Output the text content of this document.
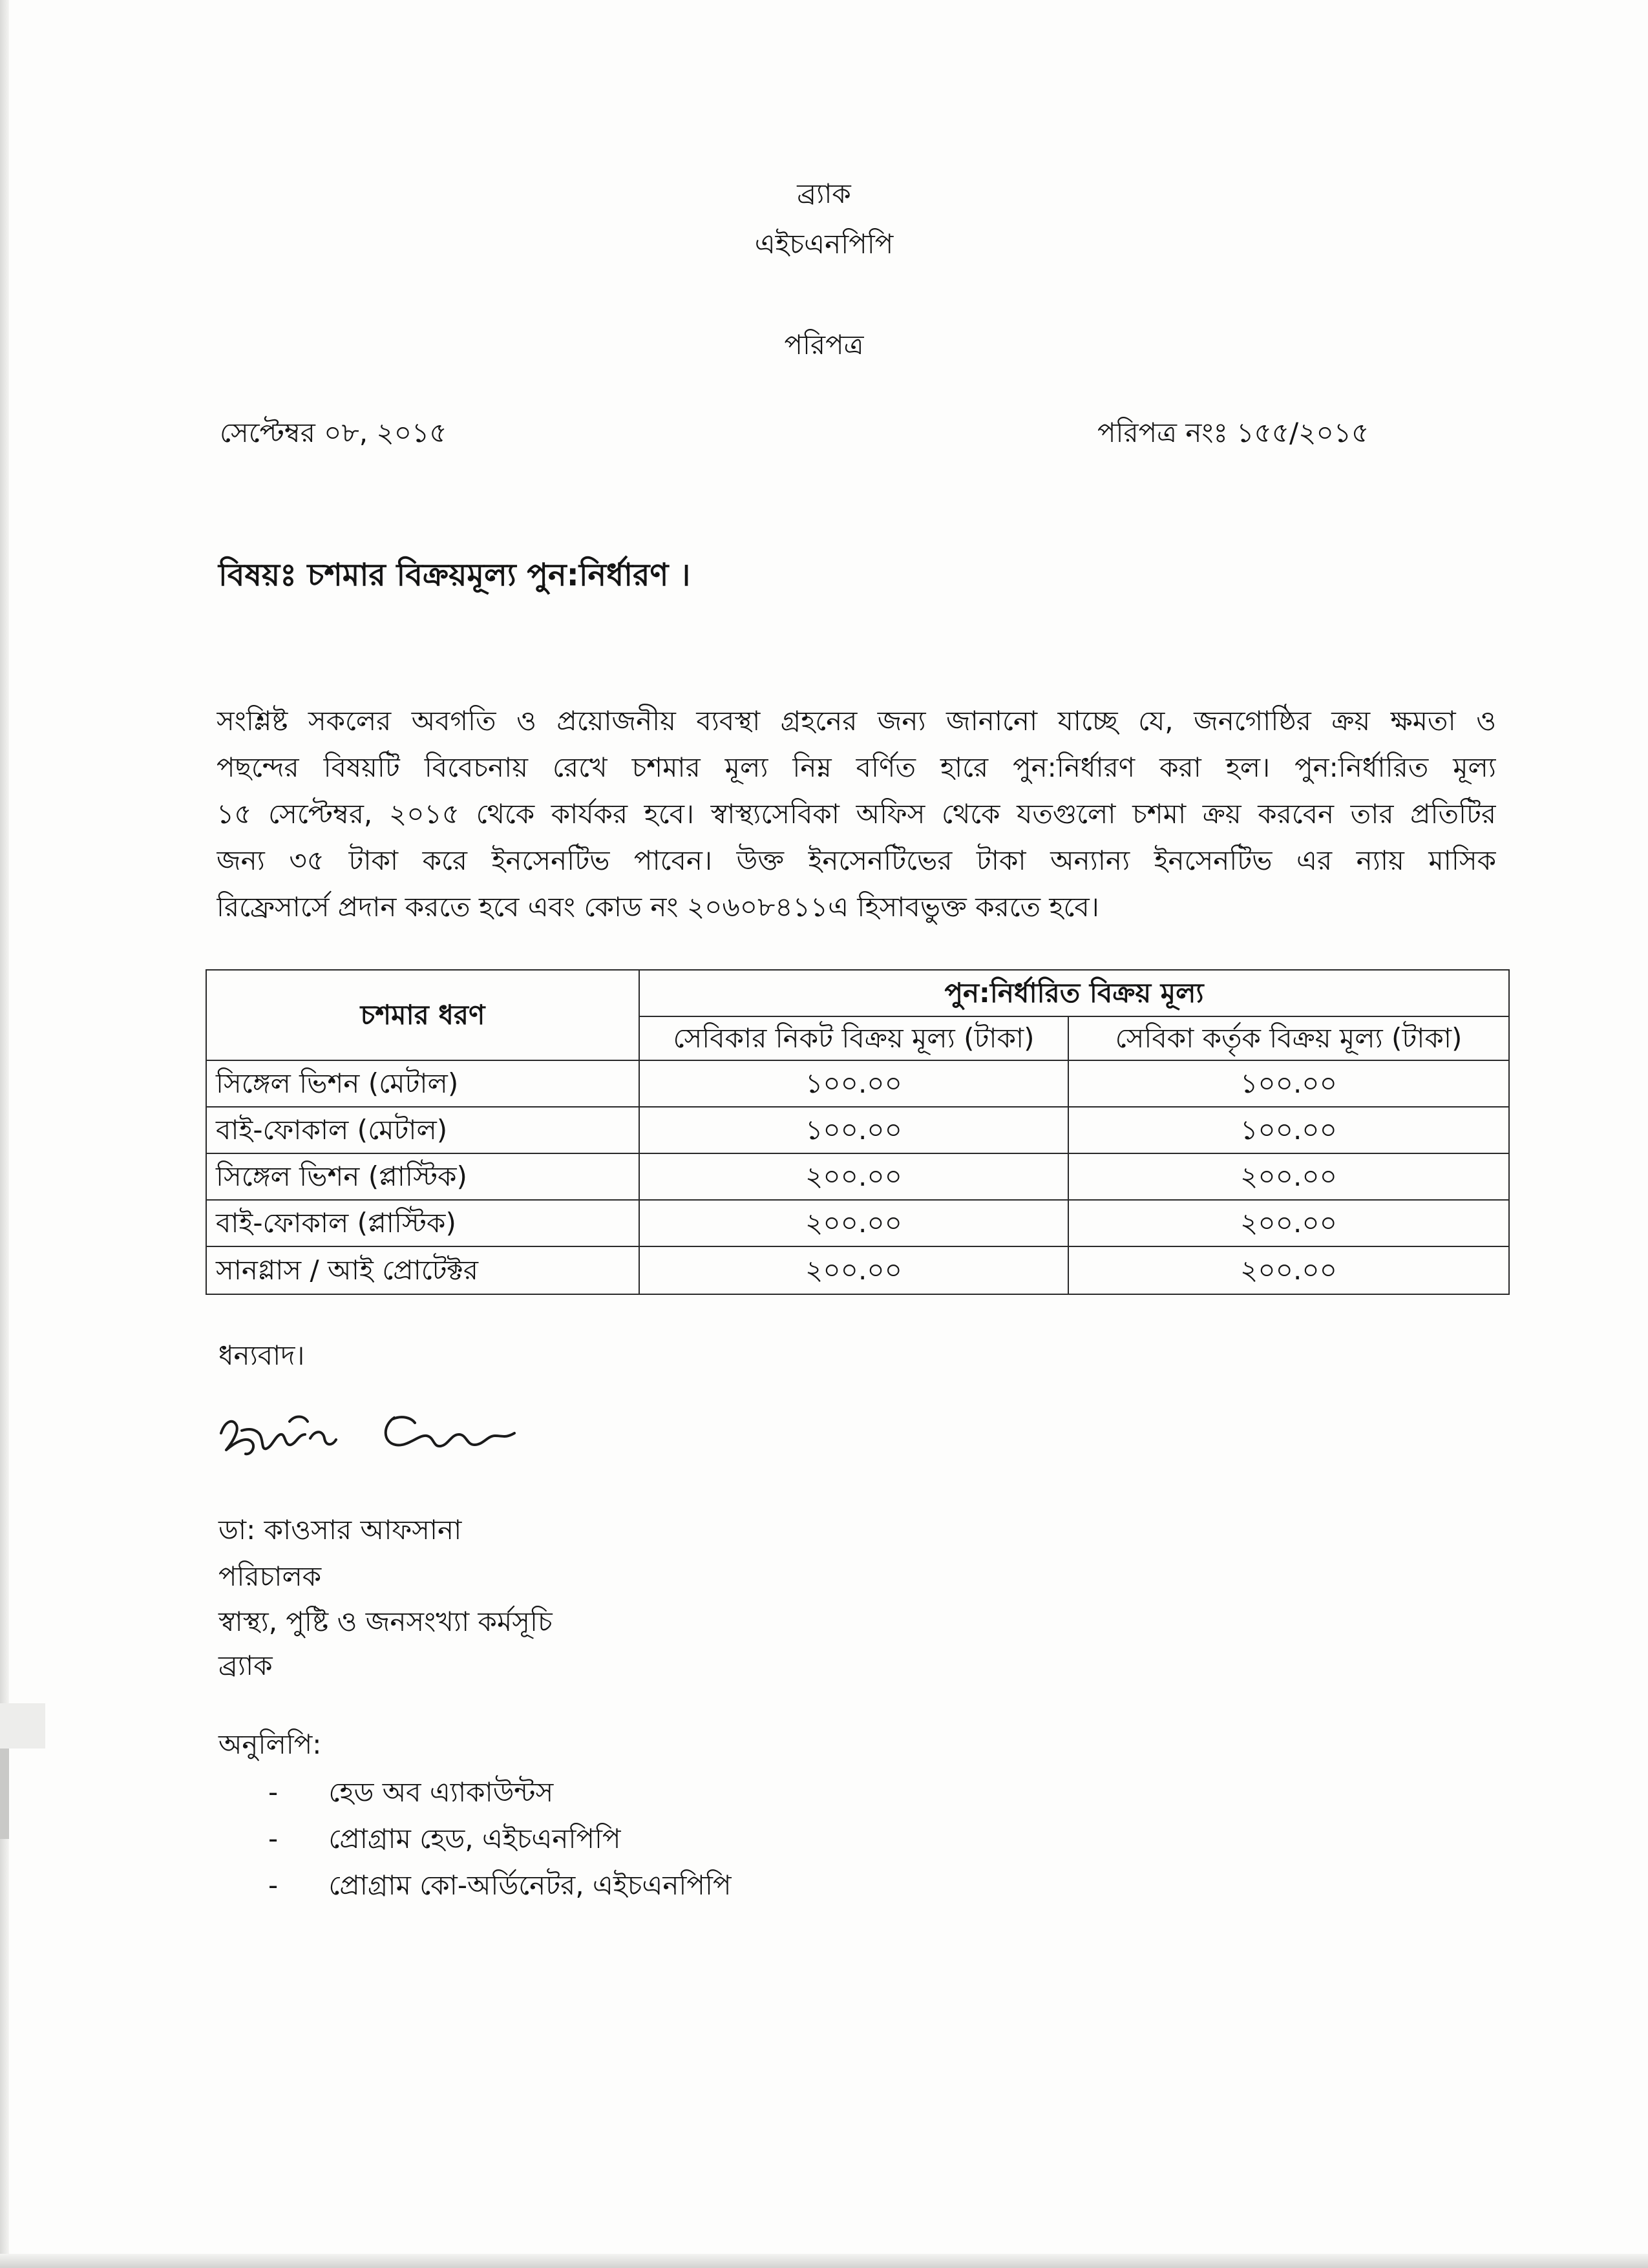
ব্র্যাক
এইচএনপিপি
পরিপত্র
সেপ্টেম্বর ০৮, ২০১৫	পরিপত্র নংঃ ১৫৫/২০১৫
বিষয়ঃ চশমার বিক্রয়মূল্য পুন:নির্ধারণ ।
সংশ্লিষ্ট সকলের অবগতি ও প্রয়োজনীয় ব্যবস্থা গ্রহনের জন্য জানানো যাচ্ছে যে, জনগোষ্ঠির ক্রয় ক্ষমতা ও
পছন্দের বিষয়টি বিবেচনায় রেখে চশমার মূল্য নিম্ন বর্ণিত হারে পুন:নির্ধারণ করা হল। পুন:নির্ধারিত মূল্য
১৫ সেপ্টেম্বর, ২০১৫ থেকে কার্যকর হবে। স্বাস্থ্যসেবিকা অফিস থেকে যতগুলো চশমা ক্রয় করবেন তার প্রতিটির
জন্য ৩৫ টাকা করে ইনসেনটিভ পাবেন। উক্ত ইনসেনটিভের টাকা অন্যান্য ইনসেনটিভ এর ন্যায় মাসিক
রিফ্রেসার্সে প্রদান করতে হবে এবং কোড নং ২০৬০৮৪১১এ হিসাবভুক্ত করতে হবে।
চশমার ধরণ	পুন:নির্ধারিত বিক্রয় মূল্য	
	সেবিকার নিকট বিক্রয় মূল্য (টাকা)	সেবিকা কর্তৃক বিক্রয় মূল্য (টাকা)
সিঙ্গেল ভিশন (মেটাল)	১০০.০০	১০০.০০
বাই-ফোকাল (মেটাল)	১০০.০০	১০০.০০
সিঙ্গেল ভিশন (প্লাস্টিক)	২০০.০০	২০০.০০
বাই-ফোকাল (প্লাস্টিক)	২০০.০০	২০০.০০
সানগ্লাস / আই প্রোটেক্টর	২০০.০০	২০০.০০
ধন্যবাদ।
ডা: কাওসার আফসানা
পরিচালক
স্বাস্থ্য, পুষ্টি ও জনসংখ্যা কর্মসূচি
ব্র্যাক
অনুলিপি:
- হেড অব এ্যাকাউন্টস
- প্রোগ্রাম হেড, এইচএনপিপি
- প্রোগ্রাম কো-অর্ডিনেটর, এইচএনপিপি
